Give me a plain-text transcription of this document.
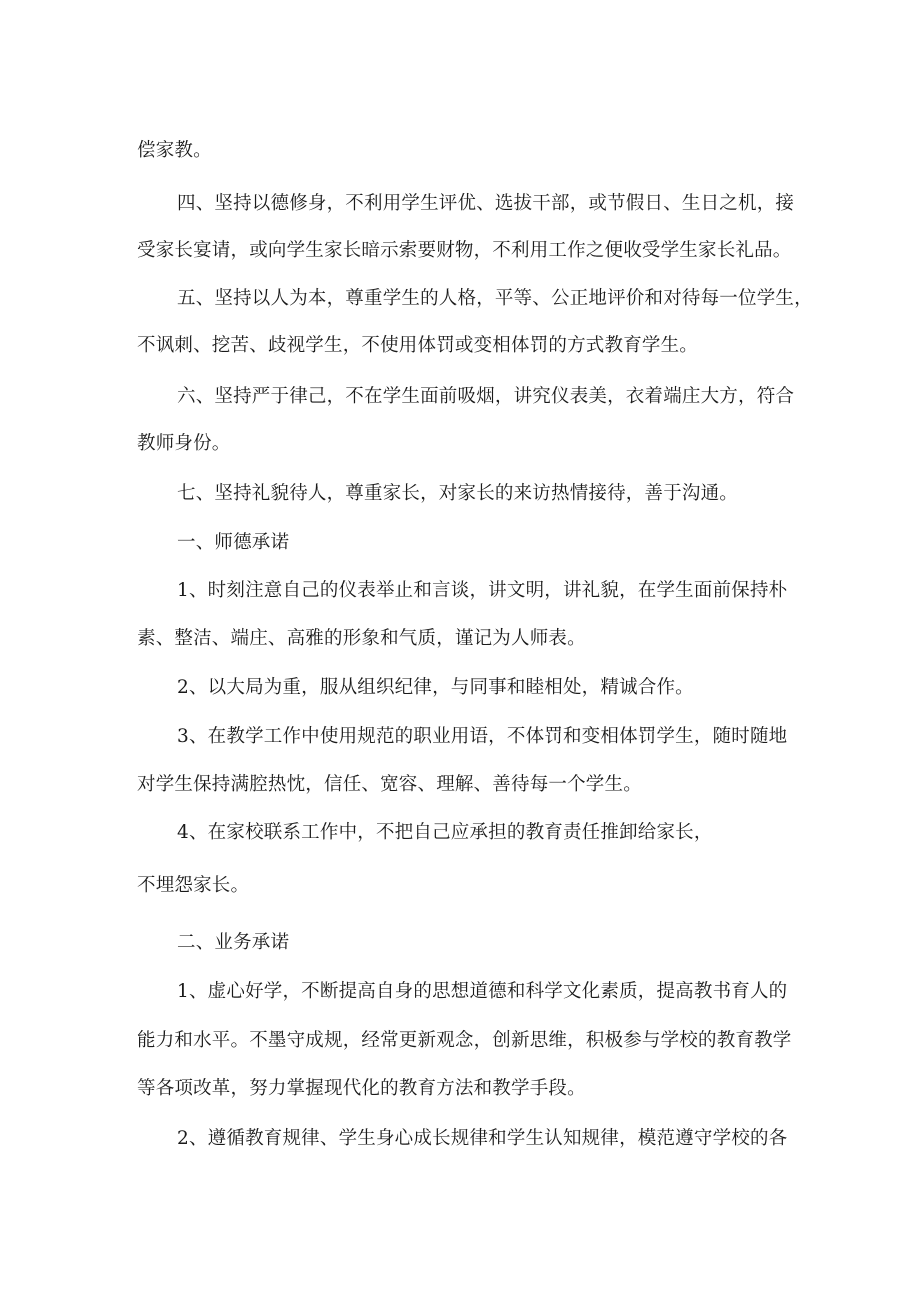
偿家教。

四、坚持以德修身，不利用学生评优、选拔干部，或节假日、生日之机，接

受家长宴请，或向学生家长暗示索要财物，不利用工作之便收受学生家长礼品。

五、坚持以人为本，尊重学生的人格，平等、公正地评价和对待每一位学生，

不讽刺、挖苦、歧视学生，不使用体罚或变相体罚的方式教育学生。

六、坚持严于律己，不在学生面前吸烟，讲究仪表美，衣着端庄大方，符合

教师身份。

七、坚持礼貌待人，尊重家长，对家长的来访热情接待，善于沟通。

一、师德承诺

1、时刻注意自己的仪表举止和言谈，讲文明，讲礼貌，在学生面前保持朴

素、整洁、端庄、高雅的形象和气质，谨记为人师表。

2、以大局为重，服从组织纪律，与同事和睦相处，精诚合作。

3、在教学工作中使用规范的职业用语，不体罚和变相体罚学生，随时随地

对学生保持满腔热忱，信任、宽容、理解、善待每一个学生。

4、在家校联系工作中，不把自己应承担的教育责任推卸给家长，

不埋怨家长。

二、业务承诺

1、虚心好学，不断提高自身的思想道德和科学文化素质，提高教书育人的

能力和水平。不墨守成规，经常更新观念，创新思维，积极参与学校的教育教学

等各项改革，努力掌握现代化的教育方法和教学手段。

2、遵循教育规律、学生身心成长规律和学生认知规律，模范遵守学校的各
